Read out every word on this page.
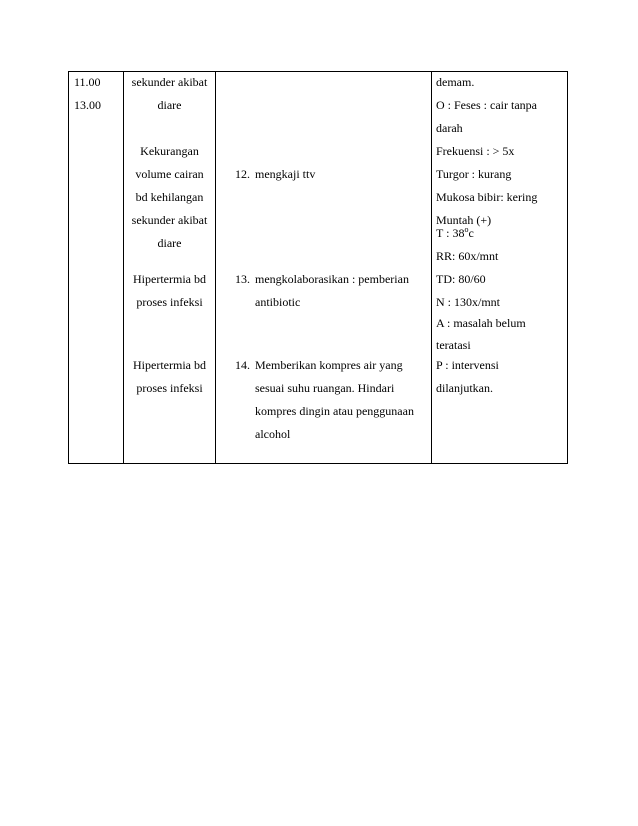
11.00
13.00
sekunder akibat
diare
Kekurangan
volume cairan
bd kehilangan
sekunder akibat
diare
Hipertermia bd
proses infeksi
Hipertermia bd
proses infeksi
12. mengkaji ttv
13. mengkolaborasikan : pemberian
antibiotic
14. Memberikan kompres air yang
sesuai suhu ruangan. Hindari
kompres dingin atau penggunaan
alcohol
demam.
O : Feses : cair tanpa
darah
Frekuensi : > 5x
Turgor : kurang
Mukosa bibir: kering
Muntah (+)
T : 38$^o$c
RR: 60x/mnt
TD: 80/60
N : 130x/mnt
A : masalah belum
teratasi
P : intervensi
dilanjutkan.
